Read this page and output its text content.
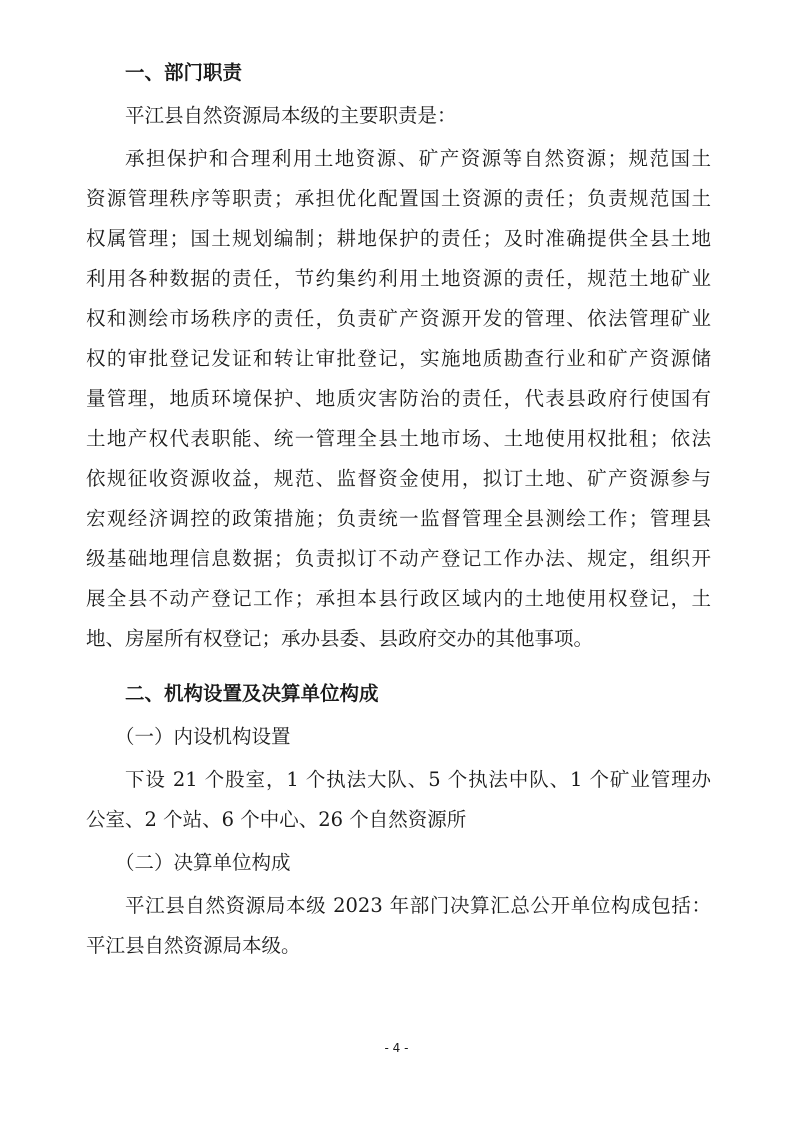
一、部门职责
平江县自然资源局本级的主要职责是：
承担保护和合理利用土地资源、矿产资源等自然资源；规范国土
资源管理秩序等职责；承担优化配置国土资源的责任；负责规范国土
权属管理；国土规划编制；耕地保护的责任；及时准确提供全县土地
利用各种数据的责任，节约集约利用土地资源的责任，规范土地矿业
权和测绘市场秩序的责任，负责矿产资源开发的管理、依法管理矿业
权的审批登记发证和转让审批登记，实施地质勘查行业和矿产资源储
量管理，地质环境保护、地质灾害防治的责任，代表县政府行使国有
土地产权代表职能、统一管理全县土地市场、土地使用权批租；依法
依规征收资源收益，规范、监督资金使用，拟订土地、矿产资源参与
宏观经济调控的政策措施；负责统一监督管理全县测绘工作；管理县
级基础地理信息数据；负责拟订不动产登记工作办法、规定，组织开
展全县不动产登记工作；承担本县行政区域内的土地使用权登记，土
地、房屋所有权登记；承办县委、县政府交办的其他事项。
二、机构设置及决算单位构成
（一）内设机构设置
下设 21 个股室，1 个执法大队、5 个执法中队、1 个矿业管理办
公室、2 个站、6 个中心、26 个自然资源所
（二）决算单位构成
平江县自然资源局本级 2023 年部门决算汇总公开单位构成包括：
平江县自然资源局本级。
- 4 -
